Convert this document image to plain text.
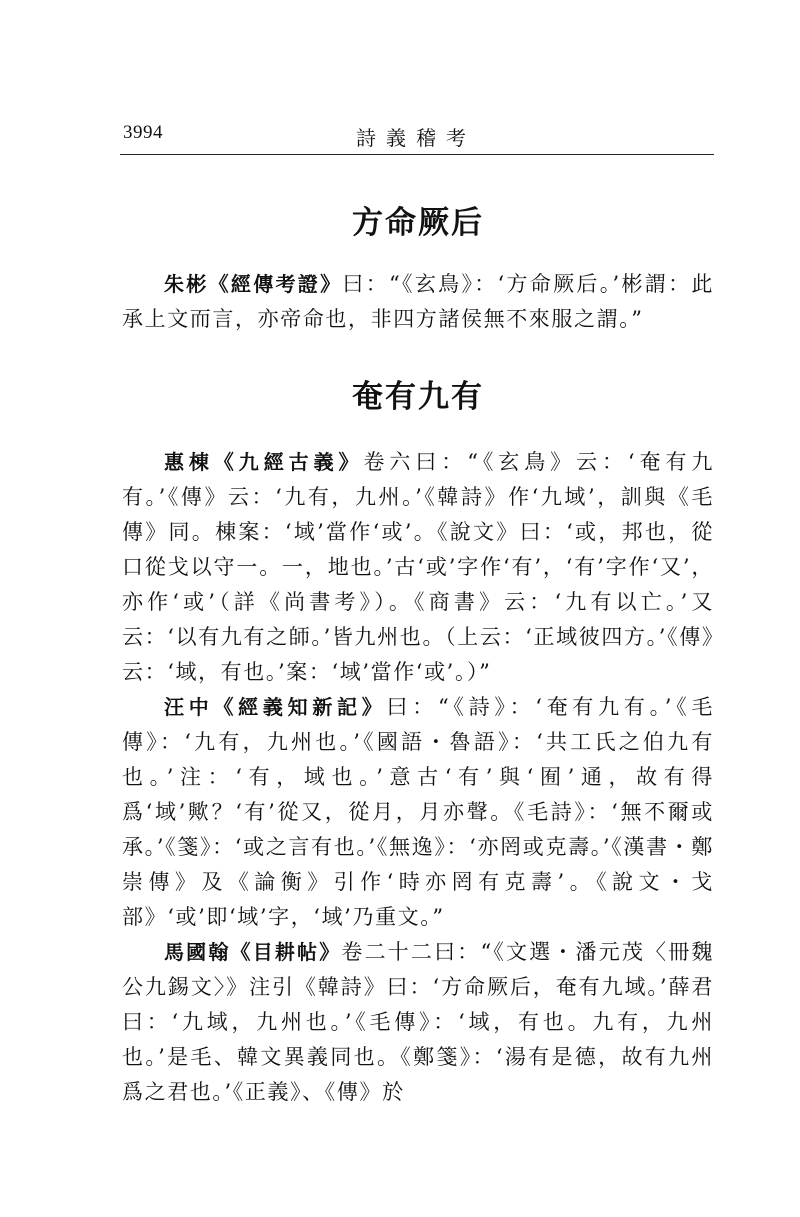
3994	詩義稽考
方命厥后

朱彬《經傳考證》曰：“《玄鳥》：‘方命厥后。’彬謂：此承上文而言，亦帝命也，非四方諸侯無不來服之謂。”

奄有九有

惠棟《九經古義》卷六曰：“《玄鳥》云：‘奄有九有。’《傳》云：‘九有，九州。’《韓詩》作‘九域’，訓與《毛傳》同。棟案：‘域’當作‘或’。《說文》曰：‘或，邦也，從口從戈以守一。一，地也。’古‘或’字作‘有’，‘有’字作‘又’，亦作‘或’（詳《尚書考》）。《商書》云：‘九有以亡。’又云：‘以有九有之師。’皆九州也。（上云：‘正域彼四方。’《傳》云：‘域，有也。’案：‘域’當作‘或’。）”

汪中《經義知新記》曰：“《詩》：‘奄有九有。’《毛傳》：‘九有，九州也。’《國語・魯語》：‘共工氏之伯九有也。’注：‘有，域也。’意古‘有’與‘囿’通，故有得爲‘域’歟？‘有’從又，從月，月亦聲。《毛詩》：‘無不爾或承。’《箋》：‘或之言有也。’《無逸》：‘亦罔或克壽。’《漢書・鄭崇傳》及《論衡》引作‘時亦罔有克壽’。《說文・戈部》‘或’即‘域’字，‘域’乃重文。”

馬國翰《目耕帖》卷二十二曰：“《文選・潘元茂〈冊魏公九錫文〉》注引《韓詩》曰：‘方命厥后，奄有九域。’薛君曰：‘九域，九州也。’《毛傳》：‘域，有也。九有，九州也。’是毛、韓文異義同也。《鄭箋》：‘湯有是德，故有九州爲之君也。’《正義》、《傳》於
